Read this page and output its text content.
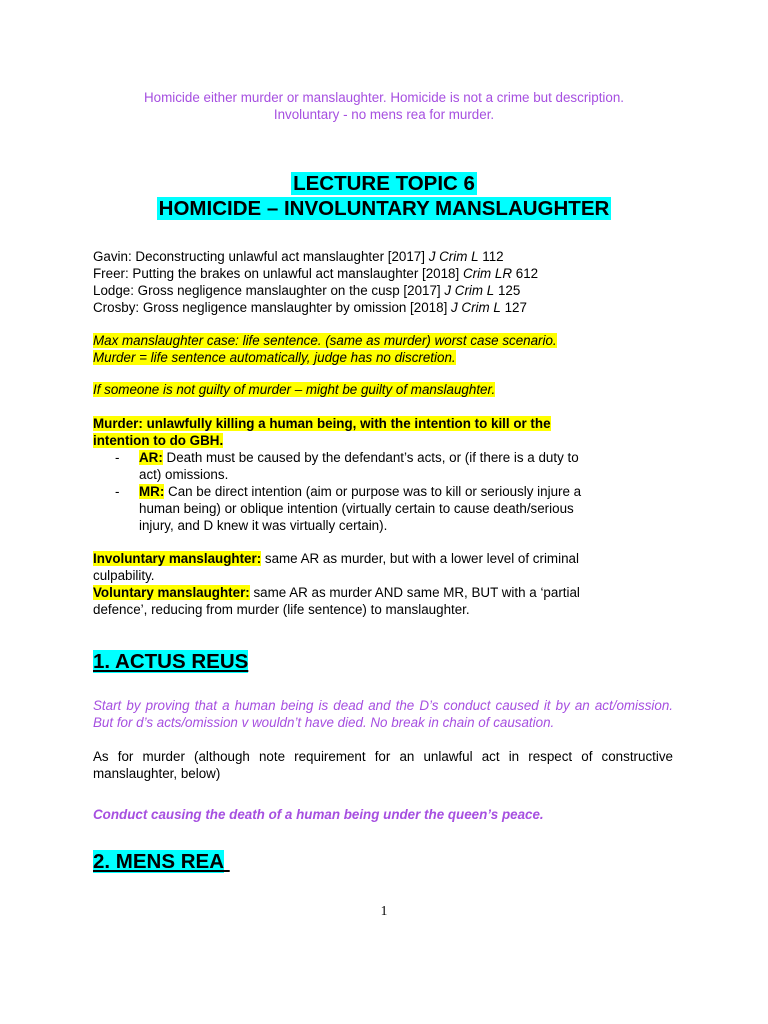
Homicide either murder or manslaughter. Homicide is not a crime but description.
Involuntary - no mens rea for murder.
LECTURE TOPIC 6
HOMICIDE – INVOLUNTARY MANSLAUGHTER
Gavin: Deconstructing unlawful act manslaughter [2017] J Crim L 112
Freer: Putting the brakes on unlawful act manslaughter [2018] Crim LR 612
Lodge: Gross negligence manslaughter on the cusp [2017] J Crim L 125
Crosby: Gross negligence manslaughter by omission [2018] J Crim L 127
Max manslaughter case: life sentence. (same as murder) worst case scenario.
Murder = life sentence automatically, judge has no discretion.
If someone is not guilty of murder – might be guilty of manslaughter.
Murder: unlawfully killing a human being, with the intention to kill or the
intention to do GBH.
- AR: Death must be caused by the defendant’s acts, or (if there is a duty to
act) omissions.
- MR: Can be direct intention (aim or purpose was to kill or seriously injure a
human being) or oblique intention (virtually certain to cause death/serious
injury, and D knew it was virtually certain).
Involuntary manslaughter: same AR as murder, but with a lower level of criminal
culpability.
Voluntary manslaughter: same AR as murder AND same MR, BUT with a ‘partial
defence’, reducing from murder (life sentence) to manslaughter.
1. ACTUS REUS
Start by proving that a human being is dead and the D’s conduct caused it by an act/omission. But for d’s acts/omission v wouldn’t have died. No break in chain of causation.
As for murder (although note requirement for an unlawful act in respect of constructive manslaughter, below)
Conduct causing the death of a human being under the queen’s peace.
2. MENS REA
1
